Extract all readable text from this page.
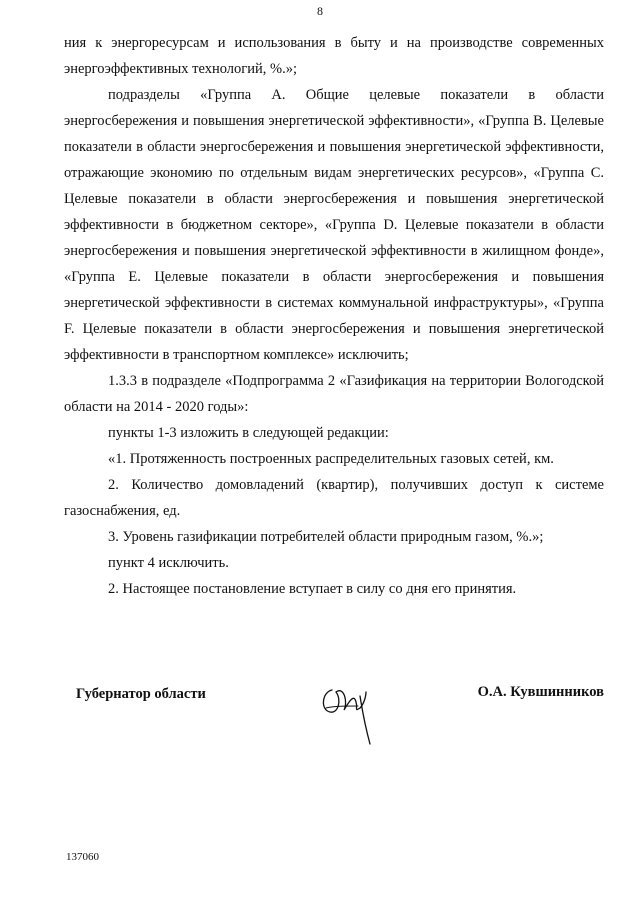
8

ния к энергоресурсам и использования в быту и на производстве современных энергоэффективных технологий, %.»;

подразделы «Группа A. Общие целевые показатели в области энергосбережения и повышения энергетической эффективности», «Группа B. Целевые показатели в области энергосбережения и повышения энергетической эффективности, отражающие экономию по отдельным видам энергетических ресурсов», «Группа C. Целевые показатели в области энергосбережения и повышения энергетической эффективности в бюджетном секторе», «Группа D. Целевые показатели в области энергосбережения и повышения энергетической эффективности в жилищном фонде», «Группа E. Целевые показатели в области энергосбережения и повышения энергетической эффективности в системах коммунальной инфраструктуры», «Группа F. Целевые показатели в области энергосбережения и повышения энергетической эффективности в транспортном комплексе» исключить;

1.3.3 в подразделе «Подпрограмма 2 «Газификация на территории Вологодской области на 2014 - 2020 годы»:

пункты 1-3 изложить в следующей редакции:

«1. Протяженность построенных распределительных газовых сетей, км.

2. Количество домовладений (квартир), получивших доступ к системе газоснабжения, ед.

3. Уровень газификации потребителей области природным газом, %.»;

пункт 4 исключить.

2. Настоящее постановление вступает в силу со дня его принятия.

Губернатор области	О.А. Кувшинников
137060
